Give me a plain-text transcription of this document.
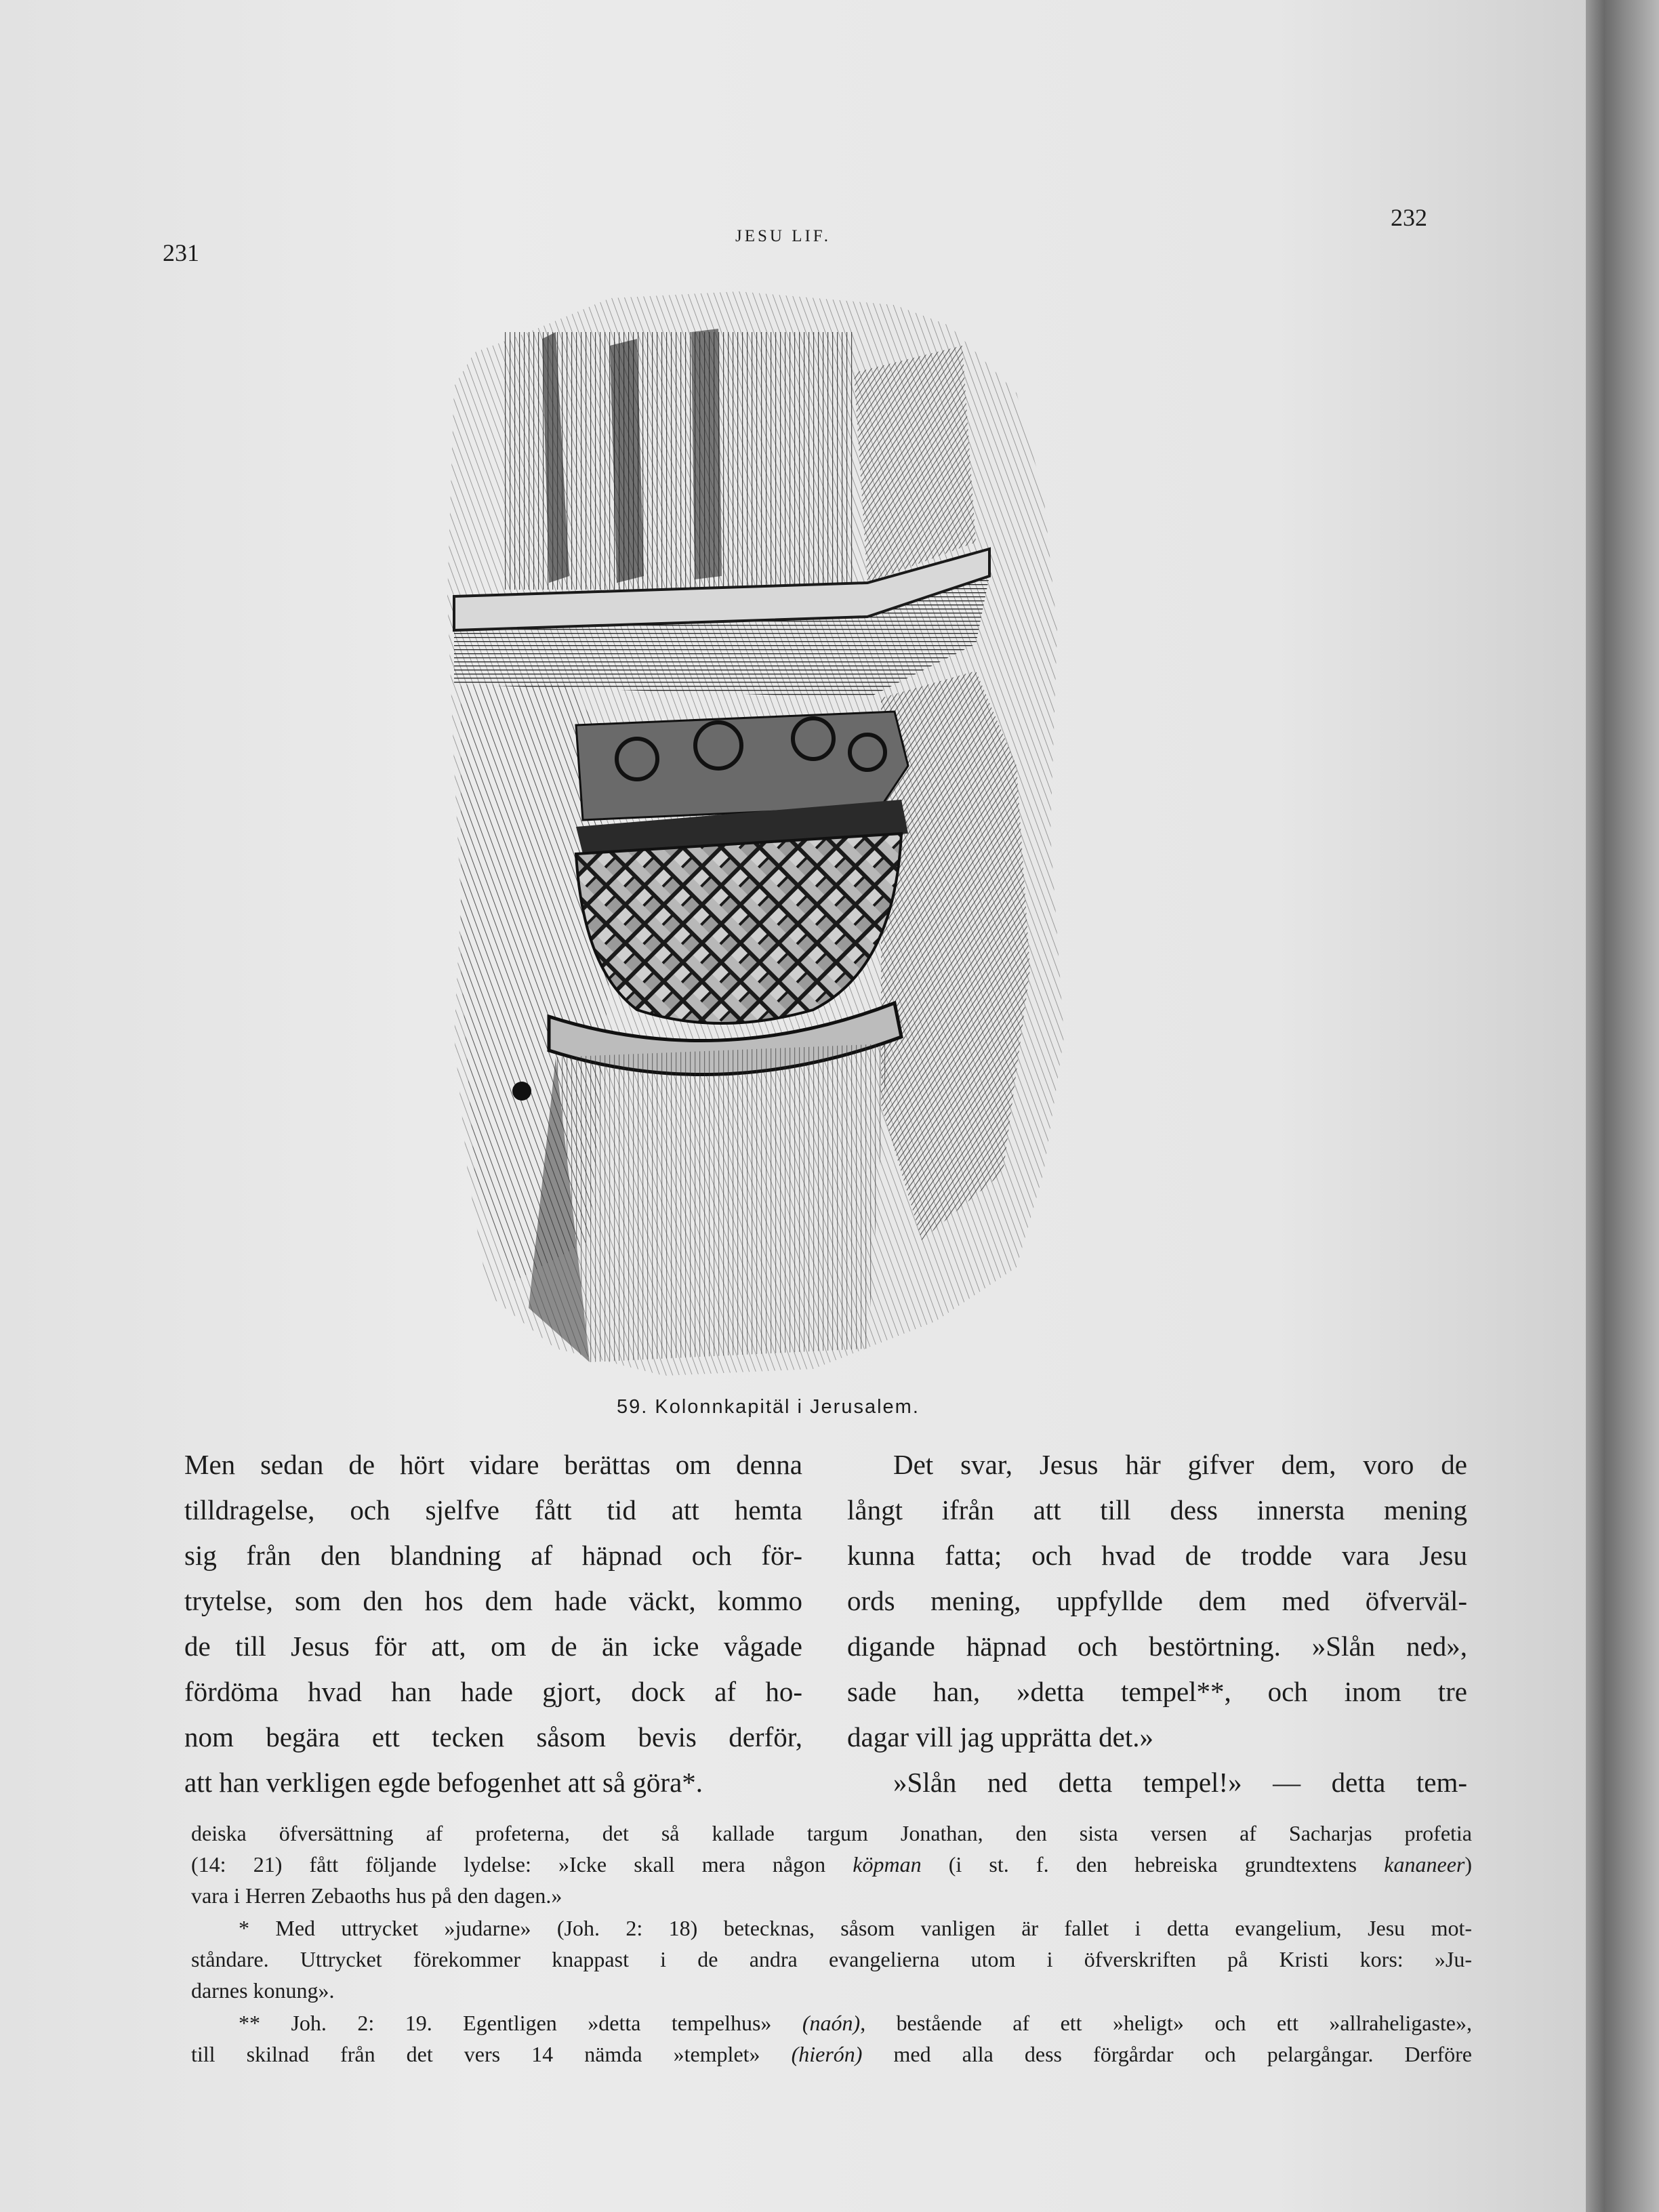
231
JESU LIF.
232
59. Kolonnkapitäl i Jerusalem.

Men sedan de hört vidare berättas om denna

tilldragelse, och sjelfve fått tid att hemta

sig från den blandning af häpnad och för-

trytelse, som den hos dem hade väckt, kommo

de till Jesus för att, om de än icke vågade

fördöma hvad han hade gjort, dock af ho-

nom begära ett tecken såsom bevis derför,

att han verkligen egde befogenhet att så göra*.

Det svar, Jesus här gifver dem, voro de

långt ifrån att till dess innersta mening

kunna fatta; och hvad de trodde vara Jesu

ords mening, uppfyllde dem med öfverväl-

digande häpnad och bestörtning. »Slån ned»,

sade han, »detta tempel**, och inom tre

dagar vill jag upprätta det.»

»Slån ned detta tempel!» — detta tem-

deiska öfversättning af profeterna, det så kallade targum Jonathan, den sista versen af Sacharjas profetia

(14: 21) fått följande lydelse: »Icke skall mera någon köpman (i st. f. den hebreiska grundtextens kananeer)

vara i Herren Zebaoths hus på den dagen.»

* Med uttrycket »judarne» (Joh. 2: 18) betecknas, såsom vanligen är fallet i detta evangelium, Jesu mot-

ståndare. Uttrycket förekommer knappast i de andra evangelierna utom i öfverskriften på Kristi kors: »Ju-

darnes konung».

** Joh. 2: 19. Egentligen »detta tempelhus» (naón), bestående af ett »heligt» och ett »allraheligaste»,

till skilnad från det vers 14 nämda »templet» (hierón) med alla dess förgårdar och pelargångar. Derföre
